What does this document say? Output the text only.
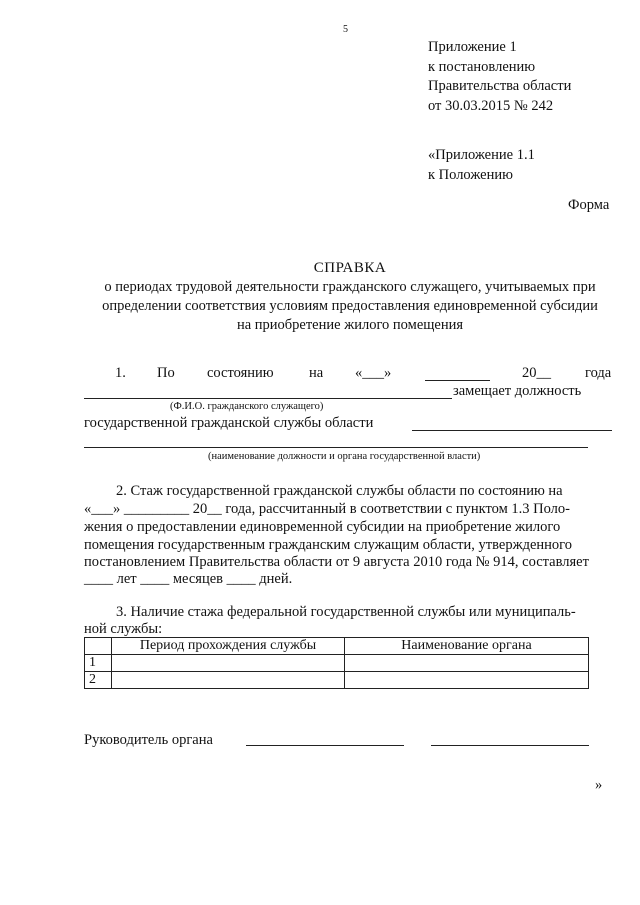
5
Приложение 1
к постановлению
Правительства области
от 30.03.2015 № 242
«Приложение 1.1
к Положению
Форма
СПРАВКА
о периодах трудовой деятельности гражданского служащего, учитываемых при
определении соответствия условиям предоставления единовременной субсидии
на приобретение жилого помещения
1. По состоянию на «___»	20__ года
замещает должность
(Ф.И.О. гражданского служащего)
государственной гражданской службы области
(наименование должности и органа государственной власти)
2. Стаж государственной гражданской службы области по состоянию на
«___» _________ 20__ года, рассчитанный в соответствии с пунктом 1.3 Поло-
жения о предоставлении единовременной субсидии на приобретение жилого
помещения государственным гражданским служащим области, утвержденного
постановлением Правительства области от 9 августа 2010 года № 914, составляет
____ лет ____ месяцев ____ дней.
3. Наличие стажа федеральной государственной службы или муниципаль-
ной службы:
	Период прохождения службы	Наименование органа
1		
2		
Руководитель органа
»
